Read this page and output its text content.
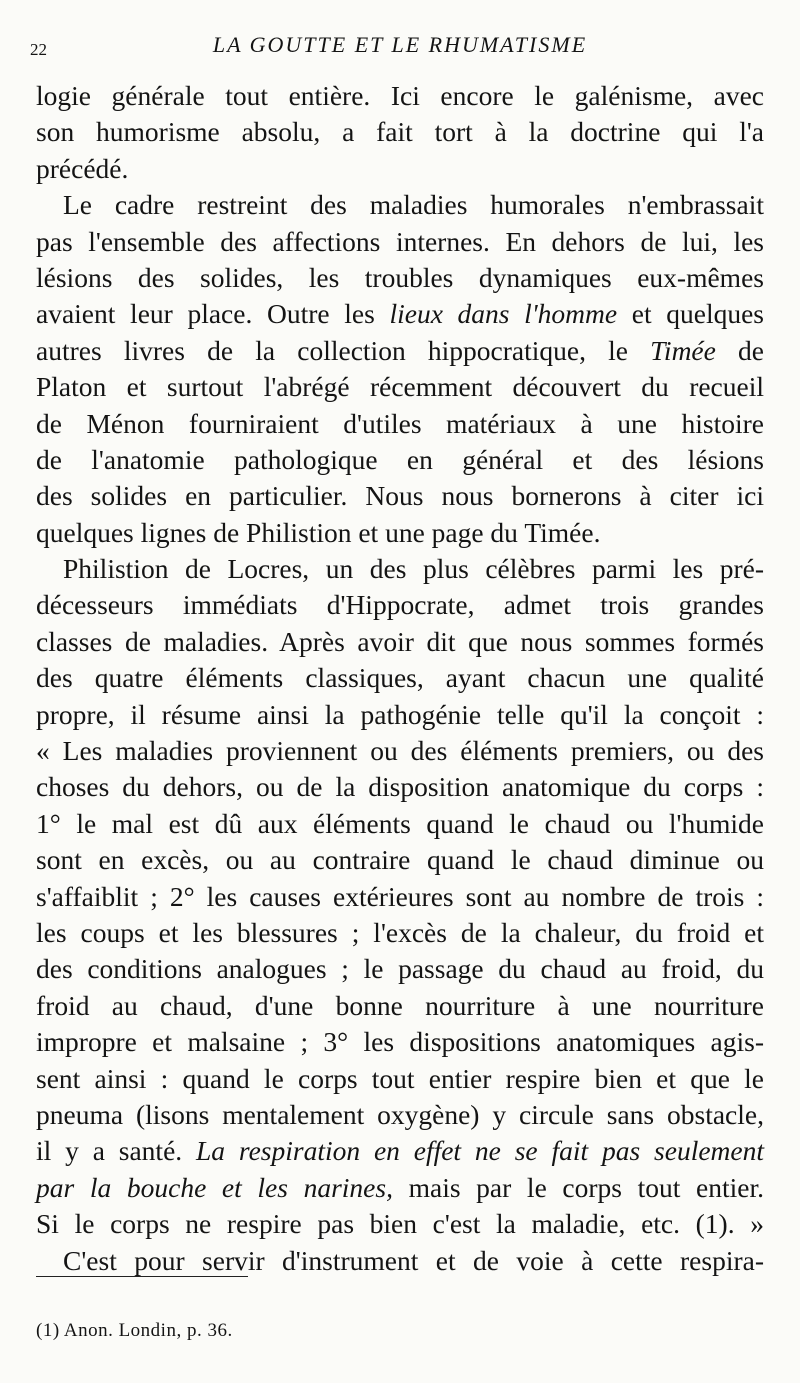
22	LA GOUTTE ET LE RHUMATISME
logie générale tout entière. Ici encore le galénisme, avec
son humorisme absolu, a fait tort à la doctrine qui l'a
précédé.
Le cadre restreint des maladies humorales n'embrassait
pas l'ensemble des affections internes. En dehors de lui, les
lésions des solides, les troubles dynamiques eux-mêmes
avaient leur place. Outre les lieux dans l'homme et quelques
autres livres de la collection hippocratique, le Timée de
Platon et surtout l'abrégé récemment découvert du recueil
de Ménon fourniraient d'utiles matériaux à une histoire
de l'anatomie pathologique en général et des lésions
des solides en particulier. Nous nous bornerons à citer ici
quelques lignes de Philistion et une page du Timée.
Philistion de Locres, un des plus célèbres parmi les pré-
décesseurs immédiats d'Hippocrate, admet trois grandes
classes de maladies. Après avoir dit que nous sommes formés
des quatre éléments classiques, ayant chacun une qualité
propre, il résume ainsi la pathogénie telle qu'il la conçoit :
« Les maladies proviennent ou des éléments premiers, ou des
choses du dehors, ou de la disposition anatomique du corps :
1° le mal est dû aux éléments quand le chaud ou l'humide
sont en excès, ou au contraire quand le chaud diminue ou
s'affaiblit ; 2° les causes extérieures sont au nombre de trois :
les coups et les blessures ; l'excès de la chaleur, du froid et
des conditions analogues ; le passage du chaud au froid, du
froid au chaud, d'une bonne nourriture à une nourriture
impropre et malsaine ; 3° les dispositions anatomiques agis-
sent ainsi : quand le corps tout entier respire bien et que le
pneuma (lisons mentalement oxygène) y circule sans obstacle,
il y a santé. La respiration en effet ne se fait pas seulement
par la bouche et les narines, mais par le corps tout entier.
Si le corps ne respire pas bien c'est la maladie, etc. (1). »
C'est pour servir d'instrument et de voie à cette respira-
(1) Anon. Londin, p. 36.
